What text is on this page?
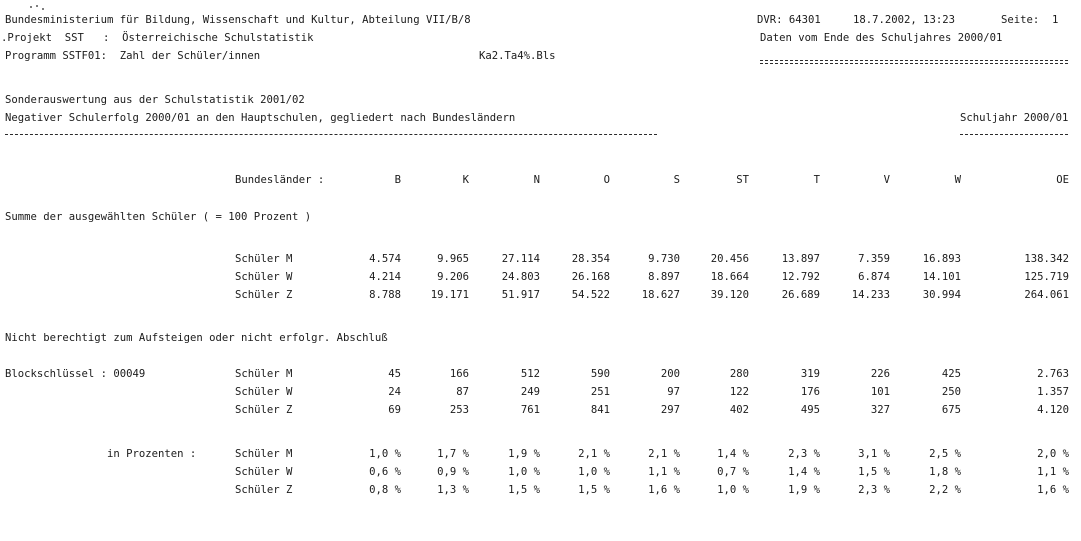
Bundesministerium für Bildung, Wissenschaft und Kultur, Abteilung VII/B/8	DVR: 64301	18.7.2002, 13:23	Seite:  1
.Projekt  SST   :  Österreichische Schulstatistik	Daten vom Ende des Schuljahres 2000/01
Programm SSTF01:  Zahl der Schüler/innen	Ka2.Ta4%.Bls
Sonderauswertung aus der Schulstatistik 2001/02
Negativer Schulerfolg 2000/01 an den Hauptschulen, gegliedert nach Bundesländern	Schuljahr 2000/01
Bundesländer :	B	K	N	O	S	ST	T	V	W	OE
Summe der ausgewählten Schüler ( = 100 Prozent )
Schüler M	4.574	9.965	27.114	28.354	9.730	20.456	13.897	7.359	16.893	138.342
Schüler W	4.214	9.206	24.803	26.168	8.897	18.664	12.792	6.874	14.101	125.719
Schüler Z	8.788	19.171	51.917	54.522	18.627	39.120	26.689	14.233	30.994	264.061
Nicht berechtigt zum Aufsteigen oder nicht erfolgr. Abschluß
Blockschlüssel : 00049	Schüler M	45	166	512	590	200	280	319	226	425	2.763
Schüler W	24	87	249	251	97	122	176	101	250	1.357
Schüler Z	69	253	761	841	297	402	495	327	675	4.120
in Prozenten :	Schüler M	1,0 %	1,7 %	1,9 %	2,1 %	2,1 %	1,4 %	2,3 %	3,1 %	2,5 %	2,0 %
Schüler W	0,6 %	0,9 %	1,0 %	1,0 %	1,1 %	0,7 %	1,4 %	1,5 %	1,8 %	1,1 %
Schüler Z	0,8 %	1,3 %	1,5 %	1,5 %	1,6 %	1,0 %	1,9 %	2,3 %	2,2 %	1,6 %
